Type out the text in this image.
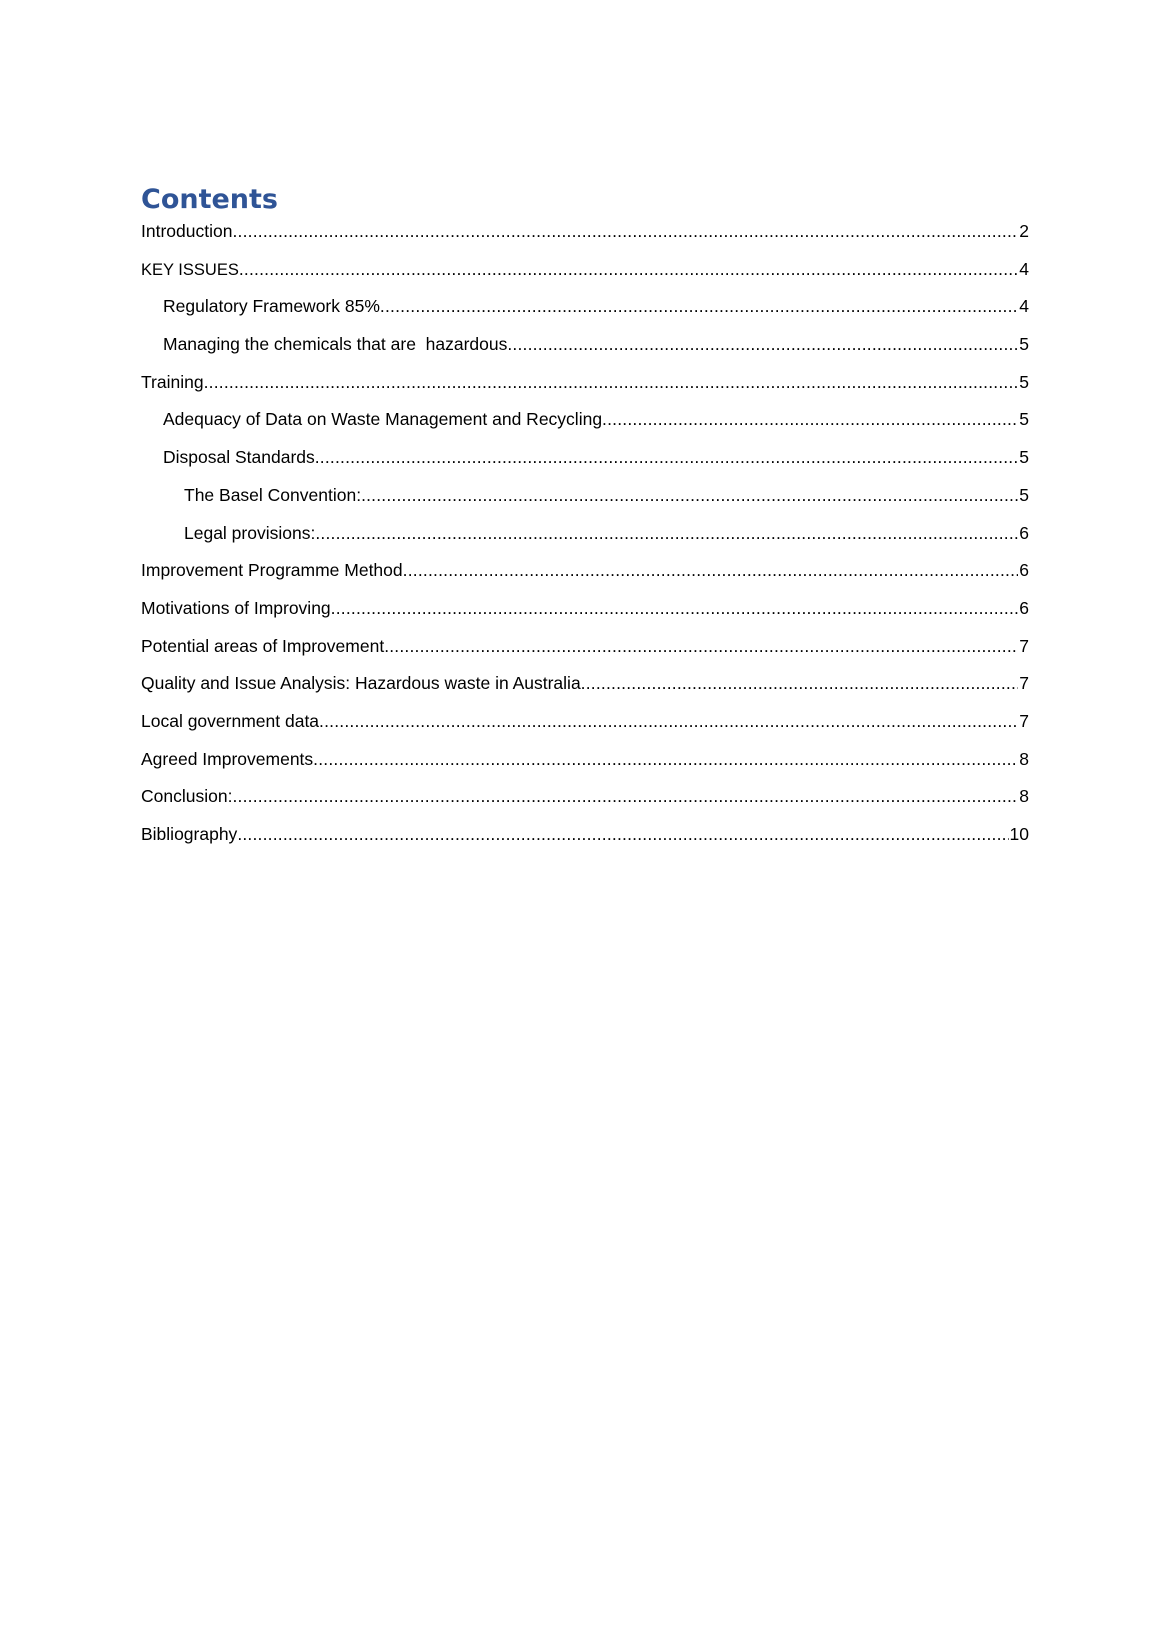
Contents
Introduction .....	2
KEY ISSUES .....	4
Regulatory Framework 85% .....	4
Managing the chemicals that are  hazardous .....	5
Training .....	5
Adequacy of Data on Waste Management and Recycling .....	5
Disposal Standards .....	5
The Basel Convention: .....	5
Legal provisions: .....	6
Improvement Programme Method .....	6
Motivations of Improving .....	6
Potential areas of Improvement .....	7
Quality and Issue Analysis: Hazardous waste in Australia .....	7
Local government data .....	7
Agreed Improvements .....	8
Conclusion: .....	8
Bibliography .....	10
